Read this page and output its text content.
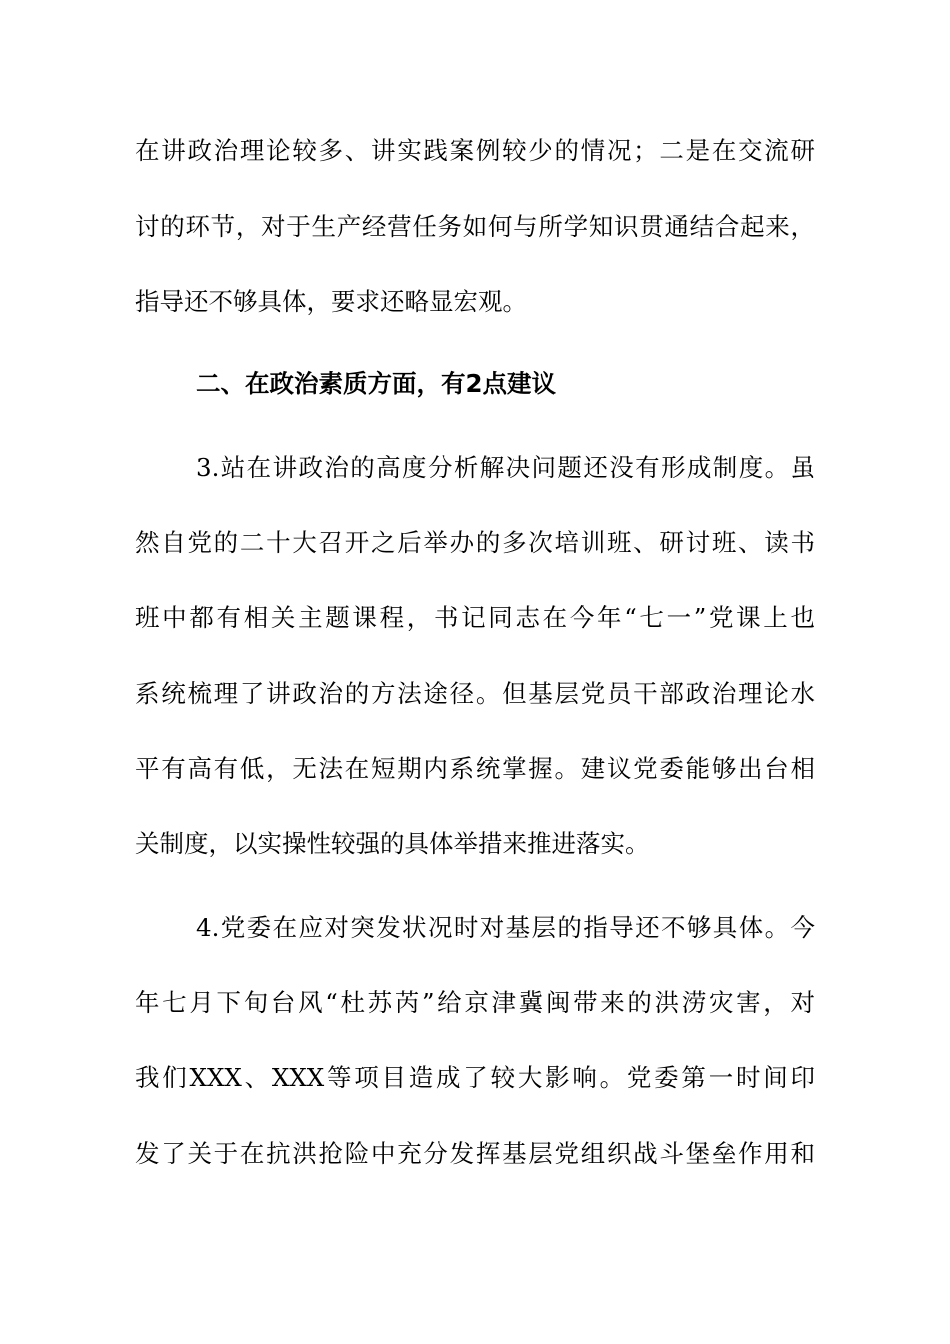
在讲政治理论较多、讲实践案例较少的情况；二是在交流研
讨的环节，对于生产经营任务如何与所学知识贯通结合起来，
指导还不够具体，要求还略显宏观。
二、在政治素质方面，有2点建议
3.站在讲政治的高度分析解决问题还没有形成制度。虽
然自党的二十大召开之后举办的多次培训班、研讨班、读书
班中都有相关主题课程，书记同志在今年“七一”党课上也
系统梳理了讲政治的方法途径。但基层党员干部政治理论水
平有高有低，无法在短期内系统掌握。建议党委能够出台相
关制度，以实操性较强的具体举措来推进落实。
4.党委在应对突发状况时对基层的指导还不够具体。今
年七月下旬台风“杜苏芮”给京津冀闽带来的洪涝灾害，对
我们XXX、XXX等项目造成了较大影响。党委第一时间印
发了关于在抗洪抢险中充分发挥基层党组织战斗堡垒作用和
